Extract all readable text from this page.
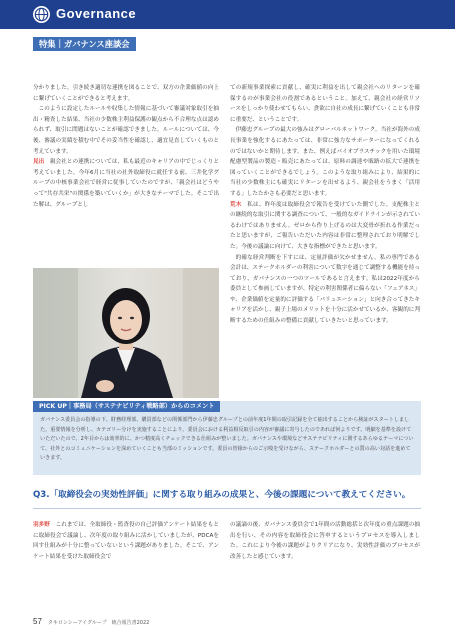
Governance
特集｜ガバナンス座談会
分かりました。引き続き適切な連携を図ることで、双方の企業価値の向上に繋げていくことができると考えます。
このように設定したルールや収集した情報に基づいて審議対象取引を抽出・精査した結果、当社の少数株主利益保護の観点から不合理な点は認められず、取引に問題はないことが確認できました。ルールについては、今後、審議の実績を積む中でその妥当性を確認し、適宜見直していくものと考えています。
見出　 親会社との連携については、私も最近のキャリアの中でじっくりと考えていました。今年6月に当社の社外取締役に就任する前、三井化学グループの中核事業会社で経営に従事していたのですが、「親会社はどうやって"共存共栄"の関係を築いていくか」が大きなテーマでした。そこで出た解は、グループとし
ての新規事業探索に貢献し、確実に利益を出して親会社へのリターンを確保するのが事業会社の役割であるということ。加えて、親会社の経営リソースをしっかり使わせてもらい、貪欲に自社の成長に繋げていくことも非常に重要だ、ということです。
伊藤忠グループの最大の強みはグローバルネットワーク。当社が海外の成長事業を強化するにあたっては、非常に強力なサポーターになってくれるのではないかと期待します。また、例えばバイオプラスチックを用いた環境配慮型製品の製造・販売にあたっては、原料の調達や販路の拡大で連携を図っていくことができるでしょう。このような取り組みにより、結果的に当社の少数株主にも確実にリターンを出せるよう、親会社をうまく「活用する」したたかさも必要だと思います。
荒木　 私は、昨年度は取締役会で報告を受けていた側でした。支配株主との継続的な取引に関する調査について、一般的なガイドラインが示されているわけではありません。ゼロから作り上げるのは大変骨が折れる作業だったと思いますが、ご報告いただいた内容は非常に整理されており明解でした。今後の議論に向けて、大きな指標ができたと思います。
的確な経営判断を下すには、定量評価が欠かせません。私の専門である会計は、ステークホルダーの利害について数字を通じて調整する機能を持っており、ガバナンスの一つのツールであると言えます。私は2022年度から委員として参画していますが、特定の利害関係者に偏らない「フェアネス」や、企業価値を定量的に評価する「バリュエーション」と向き合ってきたキャリアを活かし、親子上場のメリットを十分に活かせているか、客観的に判断するための仕組みの整備に貢献していきたいと思っています。
PICK UP｜事務局（サステナビリティ戦略部）からのコメント
ガバナンス委員会の指導の下、財務経理部、購買部などの関係部門から伊藤忠グループとの前年度1年間の取引記録を全て抽出することから検証がスタートしました。重要情報を分析し、カテゴリー分けを実施することにより、委員会における利益相反取引の内容が審議に寄与したのであれば何よりです。明細を基準を設けていただいたので、2年目からは効率的に、かつ精度高くチェックできる仕組みが整いました。ガバナンスや環境などサステナビリティに関するあらゆるテーマについて、社外とのコミュニケーションを深めていくことも当部のミッションです。委員の皆様からのご示唆を受けながら、ステークホルダーとの質の高い対話を進めていきます。
Q3.「取締役会の実効性評価」に関する取り組みの成果と、今後の課題について教えてください。
羽多野　 これまでは、全取締役・監査役の自己評価アンケート結果をもとに取締役会で議論し、次年度の取り組みに活かしていましたが、PDCAを回す仕組みが十分に整っていないという課題がありました。そこで、アンケート結果を受けた取締役会で
の議論の後、ガバナンス委員会で1年間の活動総括と次年度の重点課題の抽出を行い、その内容を取締役会に答申するというプロセスを導入しました。これにより今後の課題がよりクリアになり、実効性評価のプロセスが改善したと感じています。
57 タキロンシーアイグループ　統合報告書2022
